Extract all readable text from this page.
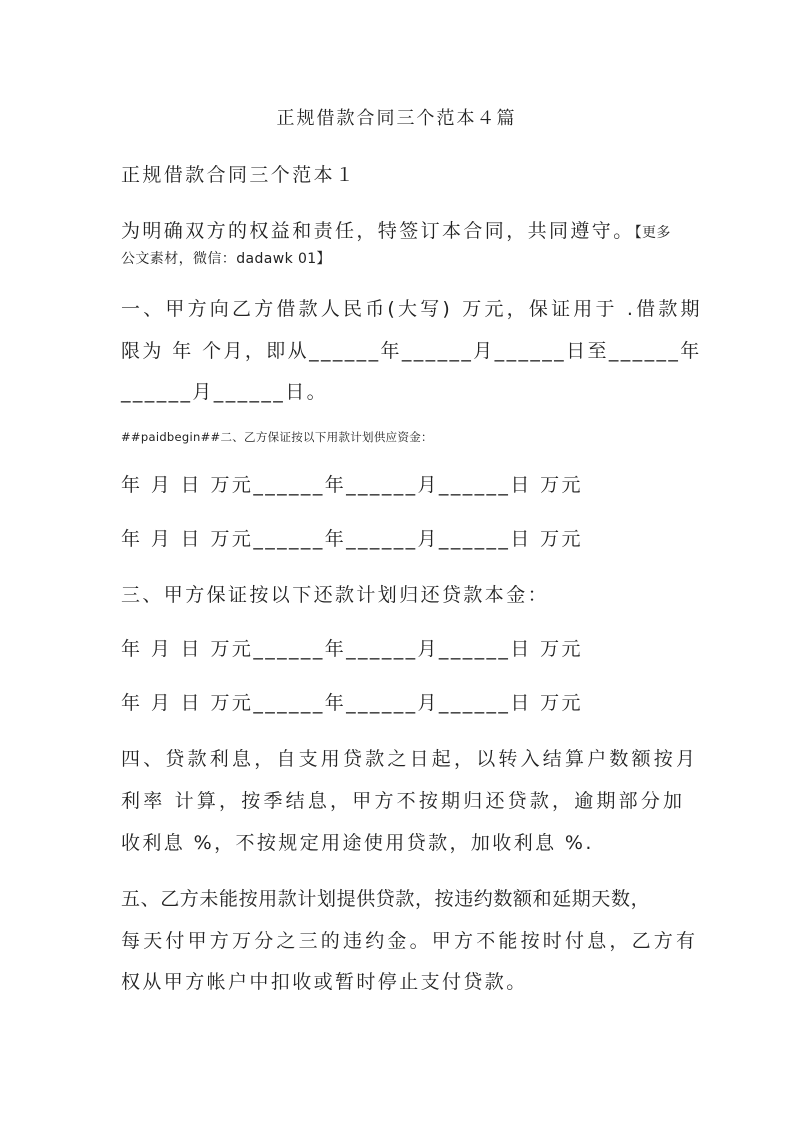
正规借款合同三个范本４篇
正规借款合同三个范本１
为明确双方的权益和责任，特签订本合同，共同遵守。【更多
公文素材，微信：dadawk 01】
一、甲方向乙方借款人民币(大写) 万元，保证用于 .借款期
限为 年 个月，即从______年______月______日至______年
______月______日。
##paidbegin##二、乙方保证按以下用款计划供应资金：
年 月 日 万元______年______月______日 万元
年 月 日 万元______年______月______日 万元
三、甲方保证按以下还款计划归还贷款本金：
年 月 日 万元______年______月______日 万元
年 月 日 万元______年______月______日 万元
四、贷款利息，自支用贷款之日起，以转入结算户数额按月
利率 计算，按季结息，甲方不按期归还贷款，逾期部分加
收利息 %，不按规定用途使用贷款，加收利息 %.
五、乙方未能按用款计划提供贷款，按违约数额和延期天数，
每天付甲方万分之三的违约金。甲方不能按时付息，乙方有
权从甲方帐户中扣收或暂时停止支付贷款。
